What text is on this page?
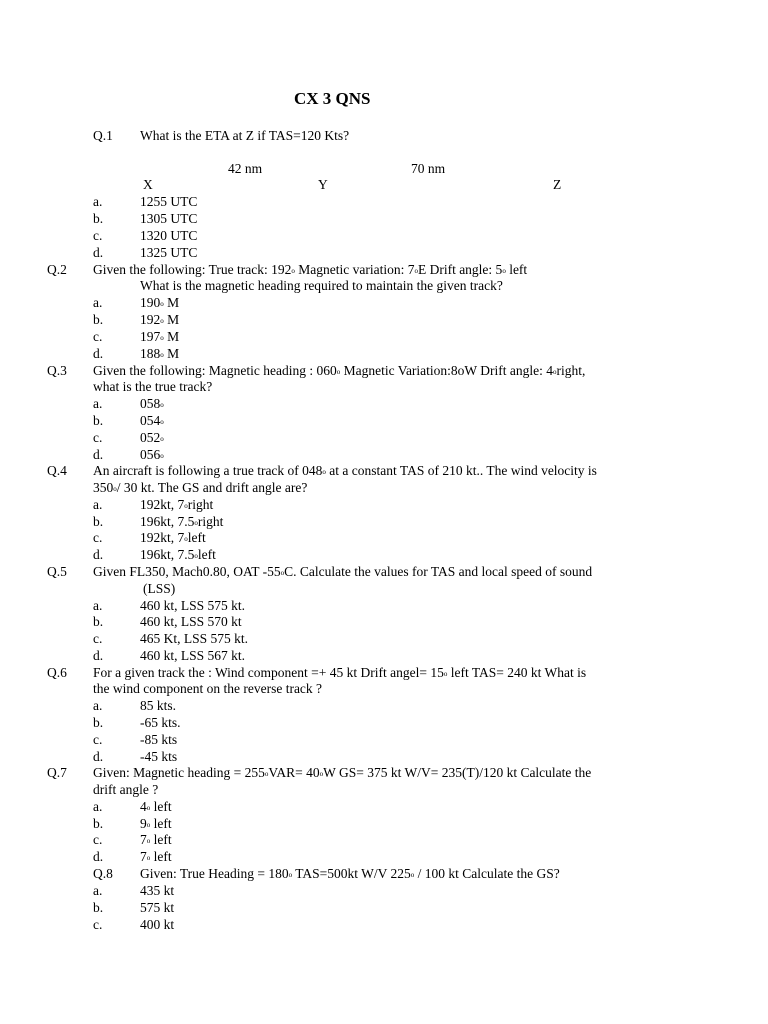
CX 3 QNS
Q.1 What is the ETA at Z if TAS=120 Kts?
42 nm	70 nm
X	Y	Z
a.	1255 UTC
b.	1305 UTC
c.	1320 UTC
d.	1325 UTC
Q.2 Given the following: True track: 192$^o$ Magnetic variation: 7$^o$E Drift angle: 5$^o$ left
What is the magnetic heading required to maintain the given track?
a.	190$^o$ M
b.	192$^o$ M
c.	197$^o$ M
d.	188$^o$ M
Q.3 Given the following: Magnetic heading : 060$^o$ Magnetic Variation:8oW Drift angle: 4$^o$right,
what is the true track?
a.	058$^o$
b.	054$^o$
c.	052$^o$
d.	056$^o$
Q.4 An aircraft is following a true track of 048$^o$ at a constant TAS of 210 kt.. The wind velocity is
350$^o$/ 30 kt. The GS and drift angle are?
a.	192kt, 7$^o$right
b.	196kt, 7.5$^o$right
c.	192kt, 7$^o$left
d.	196kt, 7.5$^o$left
Q.5 Given FL350, Mach0.80, OAT -55$^o$C. Calculate the values for TAS and local speed of sound
(LSS)
a.	460 kt, LSS 575 kt.
b.	460 kt, LSS 570 kt
c.	465 Kt, LSS 575 kt.
d.	460 kt, LSS 567 kt.
Q.6 For a given track the : Wind component =+ 45 kt Drift angel= $15^o$ left TAS= 240 kt What is
the wind component on the reverse track ?
a.	85 kts.
b.	-65 kts.
c.	-85 kts
d.	-45 kts
Q.7 Given: Magnetic heading = $255^oVAR= 40^oW$ GS= 375 kt W/V= 235(T)/120 kt Calculate the
drift angle ?
a.	4$^o$ left
b.	9$^o$ left
c.	7$^o$ left
d.	7$^o$ left
Q.8 Given: True Heading = $180^o$ TAS=500kt W/V 225$^o$ / 100 kt Calculate the GS?
a.	435 kt
b.	575 kt
c.	400 kt
